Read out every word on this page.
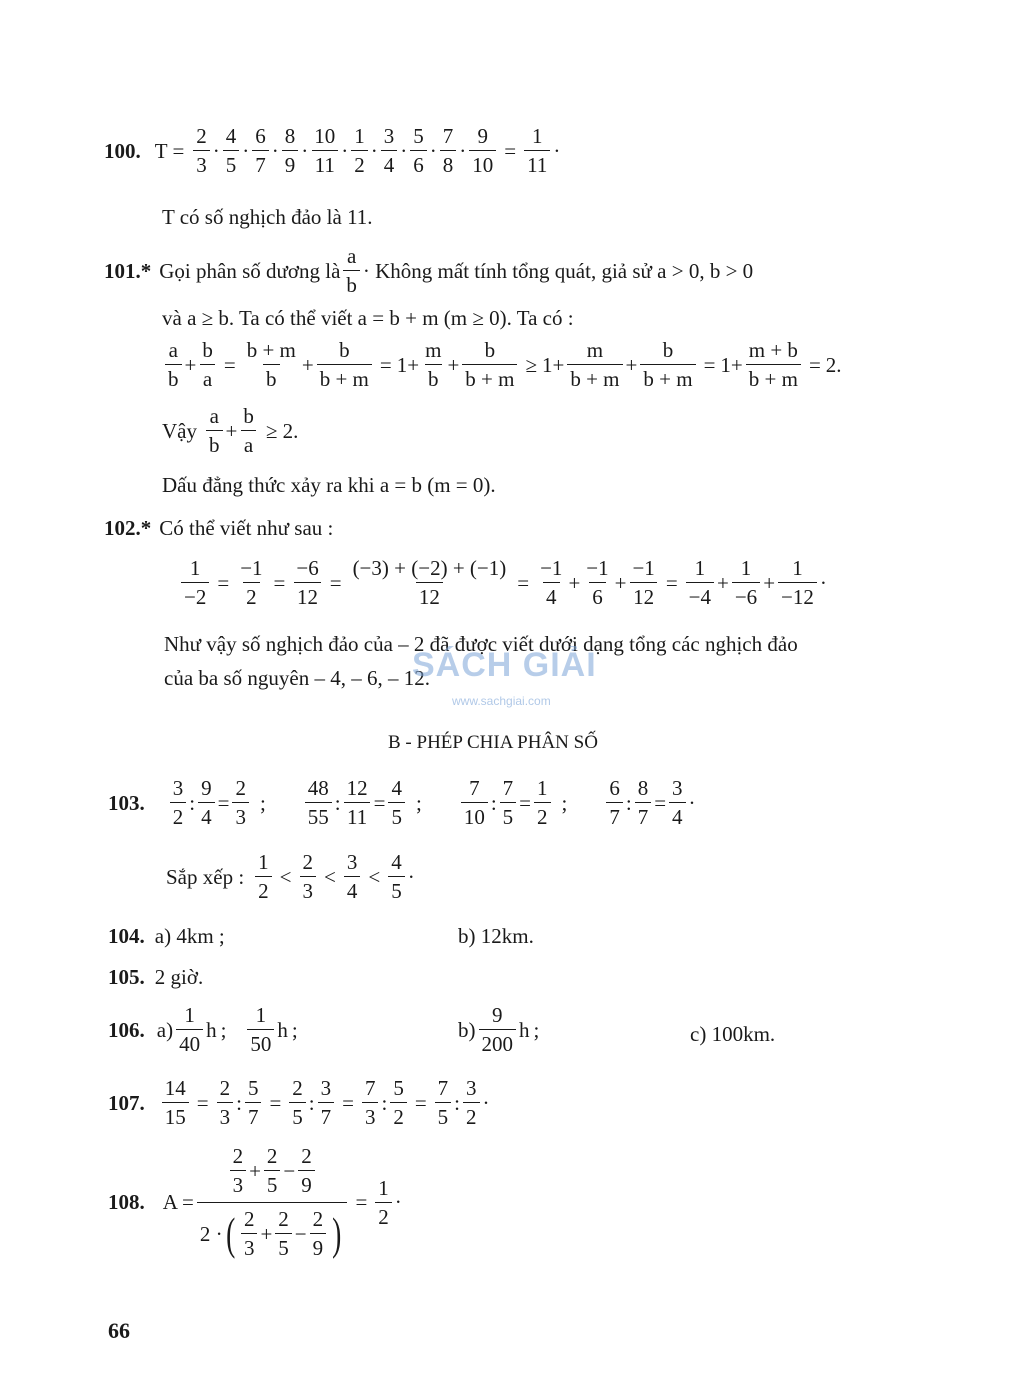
100. $T = \frac{2}{3} \cdot \frac{4}{5} \cdot \frac{6}{7} \cdot \frac{8}{9} \cdot \frac{10}{11} \cdot \frac{1}{2} \cdot \frac{3}{4} \cdot \frac{5}{6} \cdot \frac{7}{8} \cdot \frac{9}{10} = \frac{1}{11}$ ·
T có số nghịch đảo là 11.
101.* Gọi phân số dương là $\frac{a}{b}$ · Không mất tính tổng quát, giả sử a > 0, b > 0
và a ≥ b. Ta có thể viết a = b + m (m ≥ 0). Ta có :
$\frac{a}{b} + \frac{b}{a} = \frac{b + m}{b} + \frac{b}{b + m} = 1 + \frac{m}{b} + \frac{b}{b + m} \ge 1 + \frac{m}{b + m} + \frac{b}{b + m} = 1 + \frac{m + b}{b + m} = 2$.
Vậy $\frac{a}{b} + \frac{b}{a} \ge 2$.
Dấu đẳng thức xảy ra khi a = b (m = 0).
102.* Có thể viết như sau :
$\frac{1}{-2} = \frac{-1}{2} = \frac{-6}{12} = \frac{(-3) + (-2) + (-1)}{12} = \frac{-1}{4} + \frac{-1}{6} + \frac{-1}{12} = \frac{1}{-4} + \frac{1}{-6} + \frac{1}{-12}$ ·
Như vậy số nghịch đảo của – 2 đã được viết dưới dạng tổng các nghịch đảo
của ba số nguyên – 4, – 6, – 12.
SÁCH GIẢI
www.sachgiai.com
B - PHÉP CHIA PHÂN SỐ
103. $\frac{3}{2}$ : $\frac{9}{4} = \frac{2}{3}$ ; $\frac{48}{55}$ : $\frac{12}{11} = \frac{4}{5}$ ; $\frac{7}{10}$ : $\frac{7}{5} = \frac{1}{2}$ ; $\frac{6}{7}$ : $\frac{8}{7} = \frac{3}{4}$ ·
Sắp xếp : $\frac{1}{2} < \frac{2}{3} < \frac{3}{4} < \frac{4}{5}$ ·
104. a) 4km ;	b) 12km.
105. 2 giờ.
106. $a) \frac{1}{40}$ h ; $\frac{1}{50}$ h ;	$b) \frac{9}{200}$ h ;	c) 100km.
107. $\frac{14}{15} = \frac{2}{3}$ : $\frac{5}{7} = \frac{2}{5}$ : $\frac{3}{7} = \frac{7}{3}$ : $\frac{5}{2} = \frac{7}{5}$ : $\frac{3}{2}$ ·
108. $A = \frac{\frac{2}{3} + \frac{2}{5} - \frac{2}{9}}{2 \cdot ( \frac{2}{3} + \frac{2}{5} - \frac{2}{9} )} = \frac{1}{2}$ ·
66
